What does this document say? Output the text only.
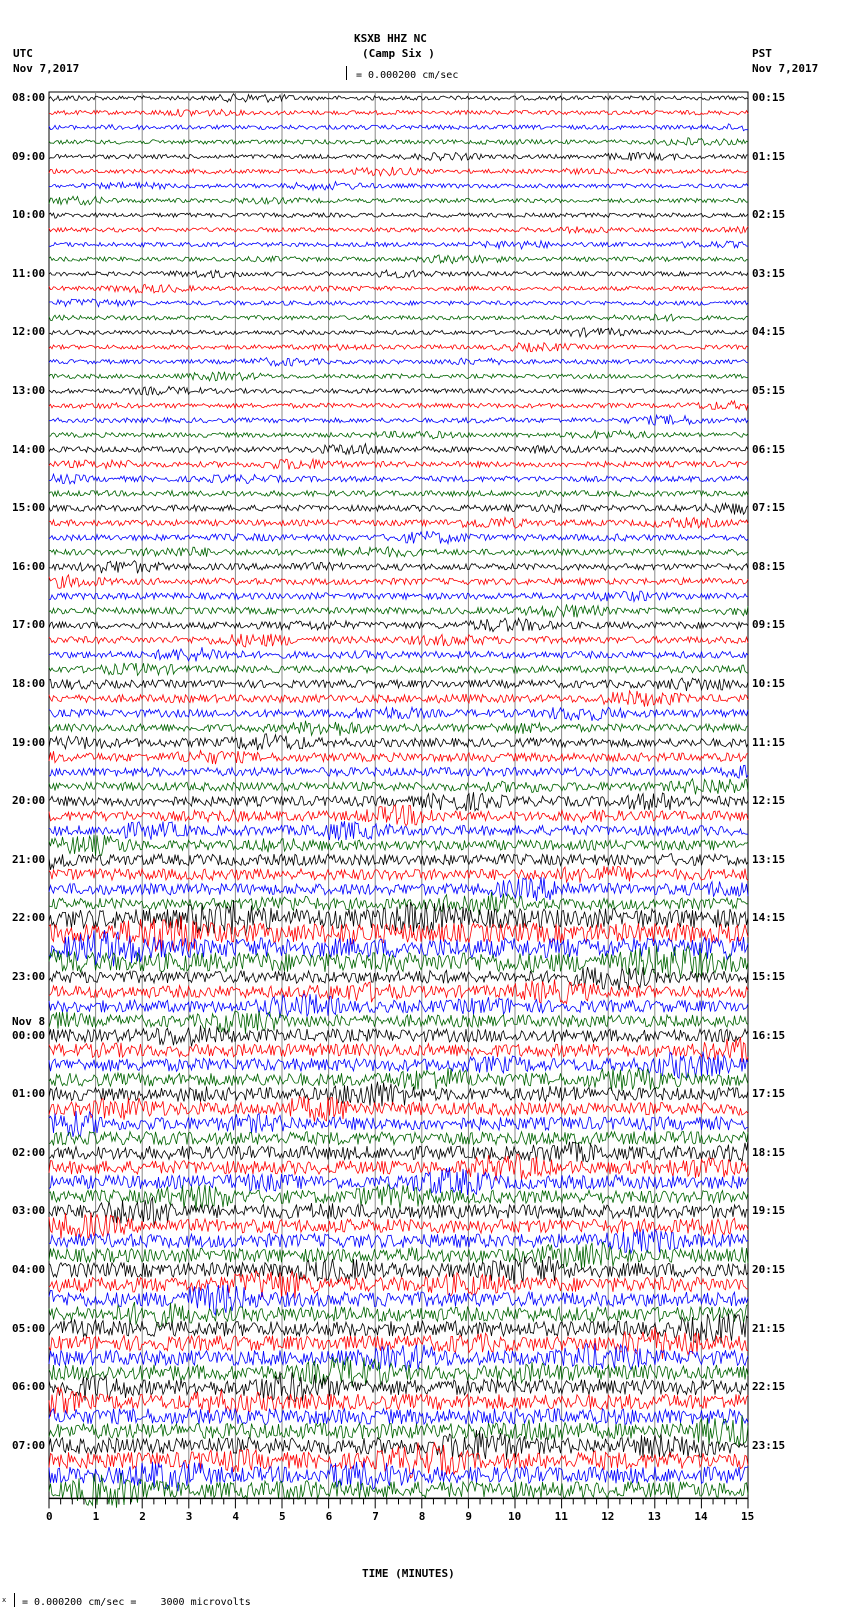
KSXB HHZ NC
(Camp Six )
UTC
Nov 7,2017
PST
Nov 7,2017
= 0.000200 cm/sec
0	1	2	3	4	5	6	7	8	9	10	11	12	13	14	15
08:00
09:00
10:00
11:00
12:00
13:00
14:00
15:00
16:00
17:00
18:00
19:00
20:00
21:00
22:00
23:00
00:00
Nov 8
01:00
02:00
03:00
04:00
05:00
06:00
07:00
00:15
01:15
02:15
03:15
04:15
05:15
06:15
07:15
08:15
09:15
10:15
11:15
12:15
13:15
14:15
15:15
16:15
17:15
18:15
19:15
20:15
21:15
22:15
23:15
TIME (MINUTES)
x = 0.000200 cm/sec =    3000 microvolts
